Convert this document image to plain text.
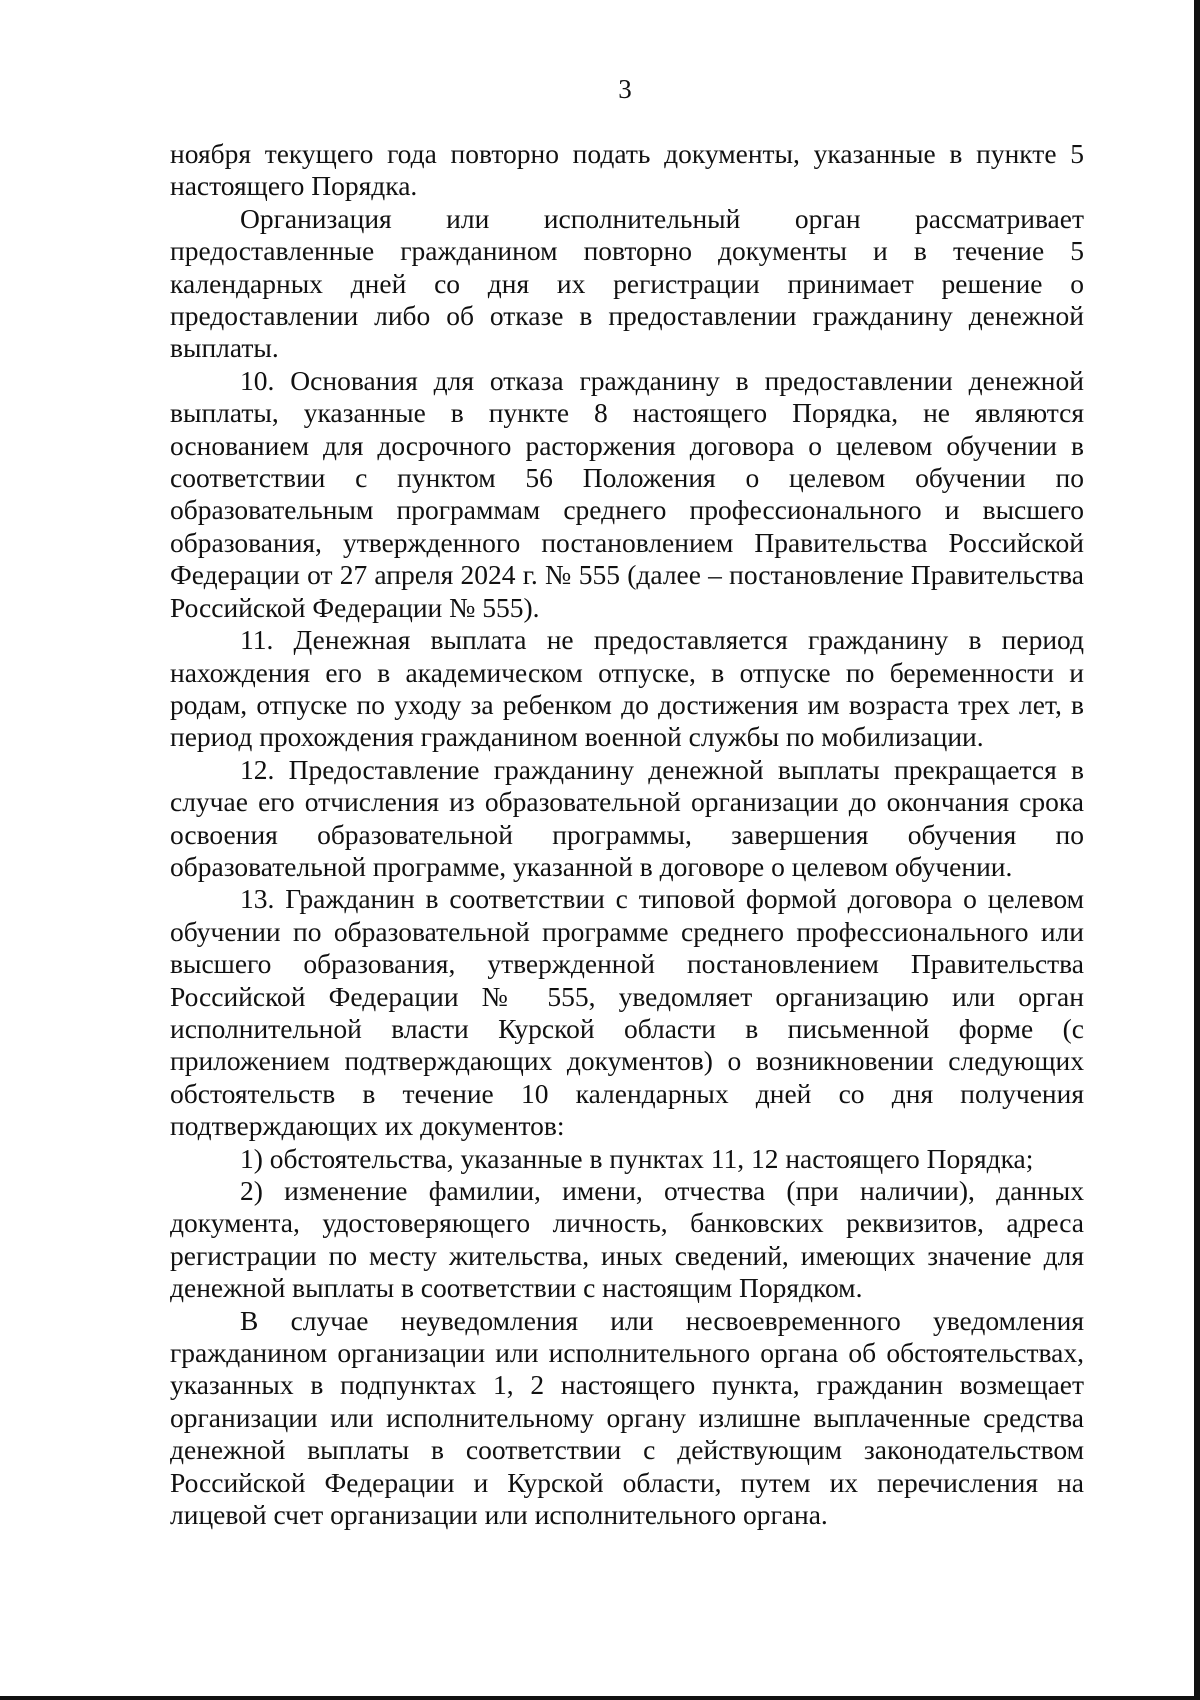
3

ноября текущего года повторно подать документы, указанные в пункте 5 настоящего Порядка.

Организация или исполнительный орган рассматривает предоставленные гражданином повторно документы и в течение 5 календарных дней со дня их регистрации принимает решение о предоставлении либо об отказе в предоставлении гражданину денежной выплаты.

10. Основания для отказа гражданину в предоставлении денежной выплаты, указанные в пункте 8 настоящего Порядка, не являются основанием для досрочного расторжения договора о целевом обучении в соответствии с пунктом 56 Положения о целевом обучении по образовательным программам среднего профессионального и высшего образования, утвержденного постановлением Правительства Российской Федерации от 27 апреля 2024 г. № 555 (далее – постановление Правительства Российской Федерации № 555).

11. Денежная выплата не предоставляется гражданину в период нахождения его в академическом отпуске, в отпуске по беременности и родам, отпуске по уходу за ребенком до достижения им возраста трех лет, в период прохождения гражданином военной службы по мобилизации.

12. Предоставление гражданину денежной выплаты прекращается в случае его отчисления из образовательной организации до окончания срока освоения образовательной программы, завершения обучения по образовательной программе, указанной в договоре о целевом обучении.

13. Гражданин в соответствии с типовой формой договора о целевом обучении по образовательной программе среднего профессионального или высшего образования, утвержденной постановлением Правительства Российской Федерации № 555, уведомляет организацию или орган исполнительной власти Курской области в письменной форме (с приложением подтверждающих документов) о возникновении следующих обстоятельств в течение 10 календарных дней со дня получения подтверждающих их документов:

1) обстоятельства, указанные в пунктах 11, 12 настоящего Порядка;

2) изменение фамилии, имени, отчества (при наличии), данных документа, удостоверяющего личность, банковских реквизитов, адреса регистрации по месту жительства, иных сведений, имеющих значение для денежной выплаты в соответствии с настоящим Порядком.

В случае неуведомления или несвоевременного уведомления гражданином организации или исполнительного органа об обстоятельствах, указанных в подпунктах 1, 2 настоящего пункта, гражданин возмещает организации или исполнительному органу излишне выплаченные средства денежной выплаты в соответствии с действующим законодательством Российской Федерации и Курской области, путем их перечисления на лицевой счет организации или исполнительного органа.
